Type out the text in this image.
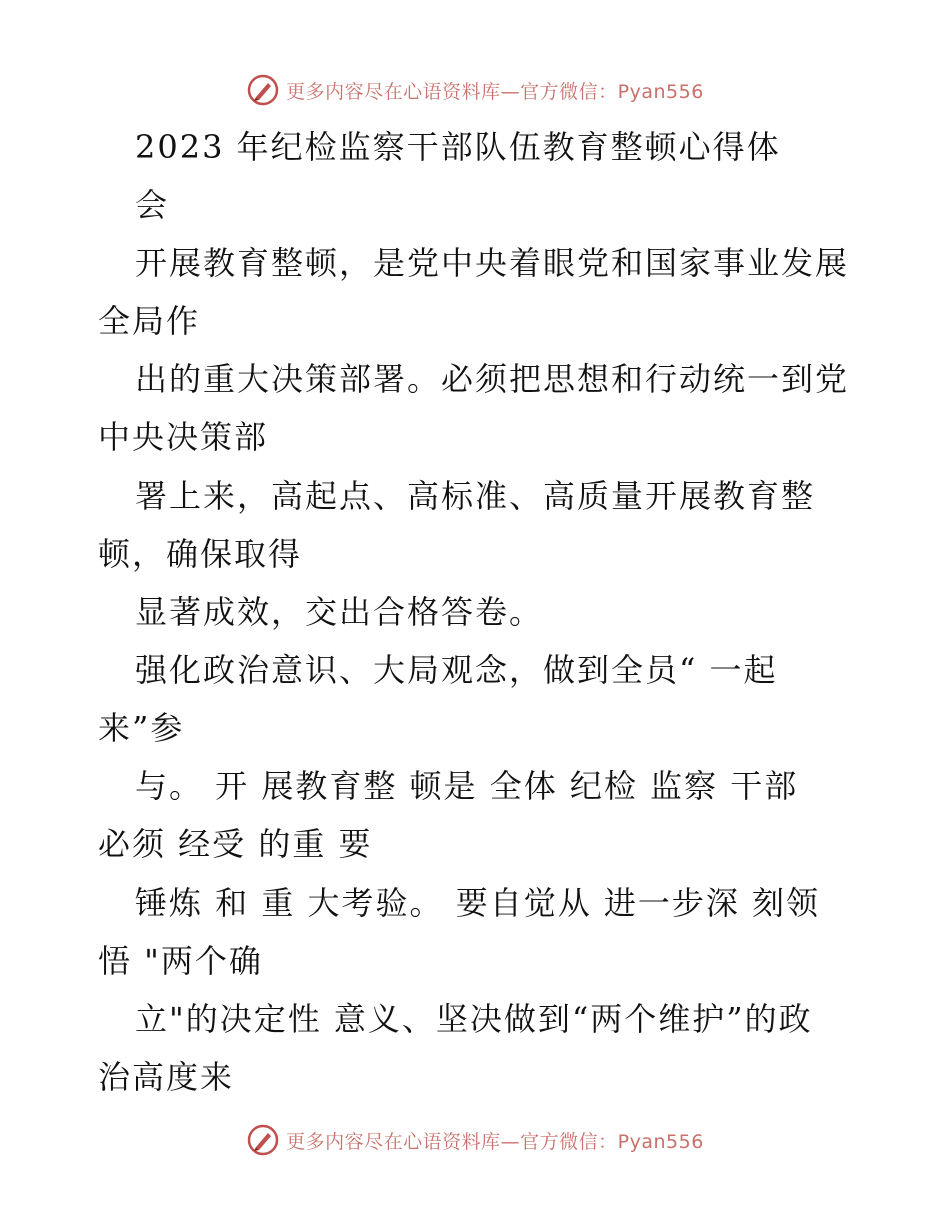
更多内容尽在心语资料库—官方微信：Pyan556
2023 年纪检监察干部队伍教育整顿心得体
会
开展教育整顿，是党中央着眼党和国家事业发展
全局作
出的重大决策部署。必须把思想和行动统一到党
中央决策部
署上来，高起点、高标准、高质量开展教育整
顿，确保取得
显著成效，交出合格答卷。
强化政治意识、大局观念，做到全员“ 一起
来”参
与。 开 展教育整 顿是 全体 纪检 监察 干部
必须 经受 的重 要
锤炼 和 重 大考验。 要自觉从 进一步深 刻领
悟 "两个确
立"的决定性 意义、坚决做到“两个维护”的政
治高度来
更多内容尽在心语资料库—官方微信：Pyan556
